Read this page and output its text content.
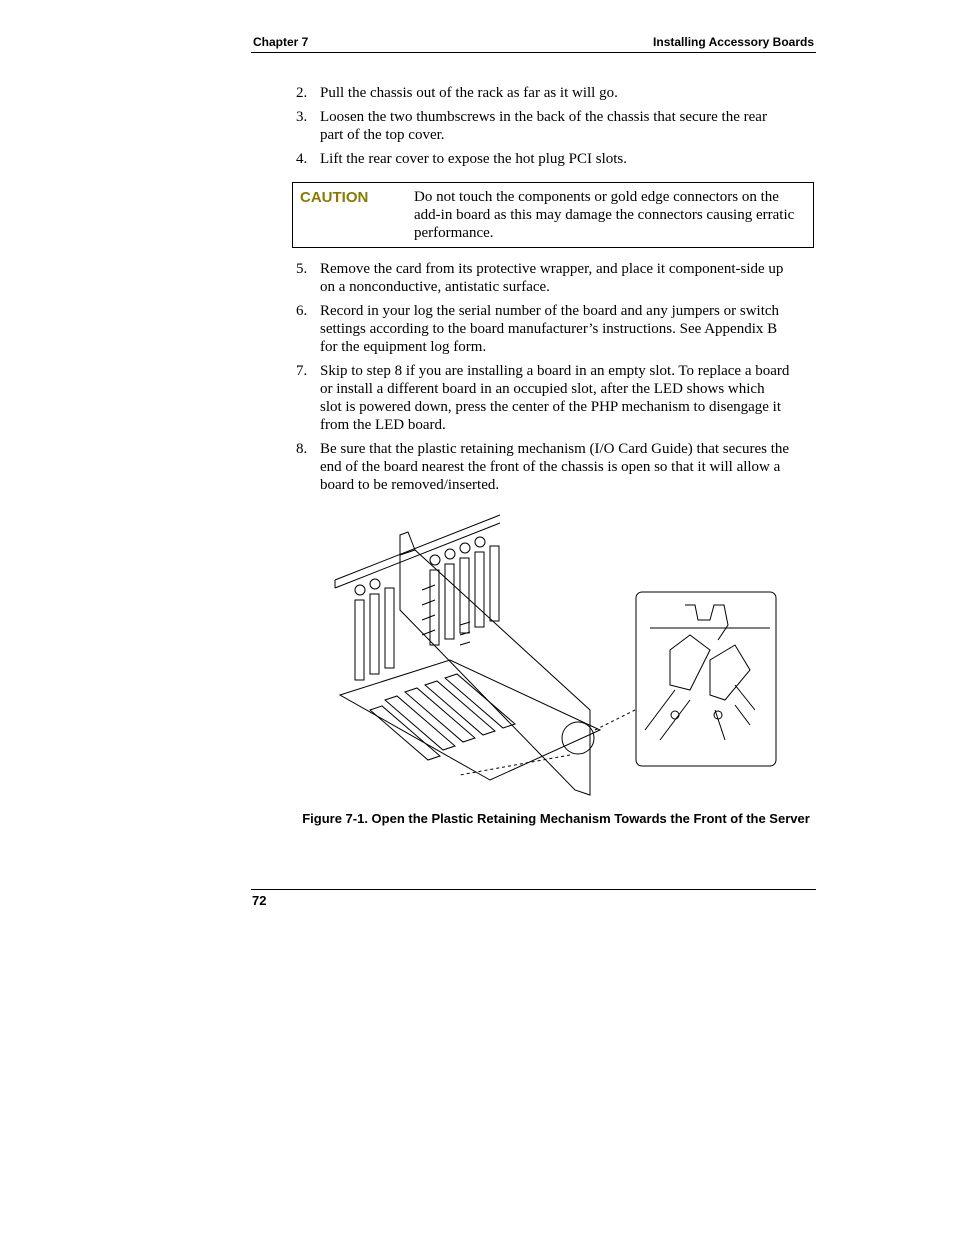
Chapter 7	Installing Accessory Boards
2. Pull the chassis out of the rack as far as it will go.
3. Loosen the two thumbscrews in the back of the chassis that secure the rear part of the top cover.
4. Lift the rear cover to expose the hot plug PCI slots.
CAUTION	Do not touch the components or gold edge connectors on the add-in board as this may damage the connectors causing erratic performance.
5. Remove the card from its protective wrapper, and place it component-side up on a nonconductive, antistatic surface.
6. Record in your log the serial number of the board and any jumpers or switch settings according to the board manufacturer’s instructions. See Appendix B for the equipment log form.
7. Skip to step 8 if you are installing a board in an empty slot. To replace a board or install a different board in an occupied slot, after the LED shows which slot is powered down, press the center of the PHP mechanism to disengage it from the LED board.
8. Be sure that the plastic retaining mechanism (I/O Card Guide) that secures the end of the board nearest the front of the chassis is open so that it will allow a board to be removed/inserted.
Figure 7-1. Open the Plastic Retaining Mechanism Towards the Front of the Server
72
